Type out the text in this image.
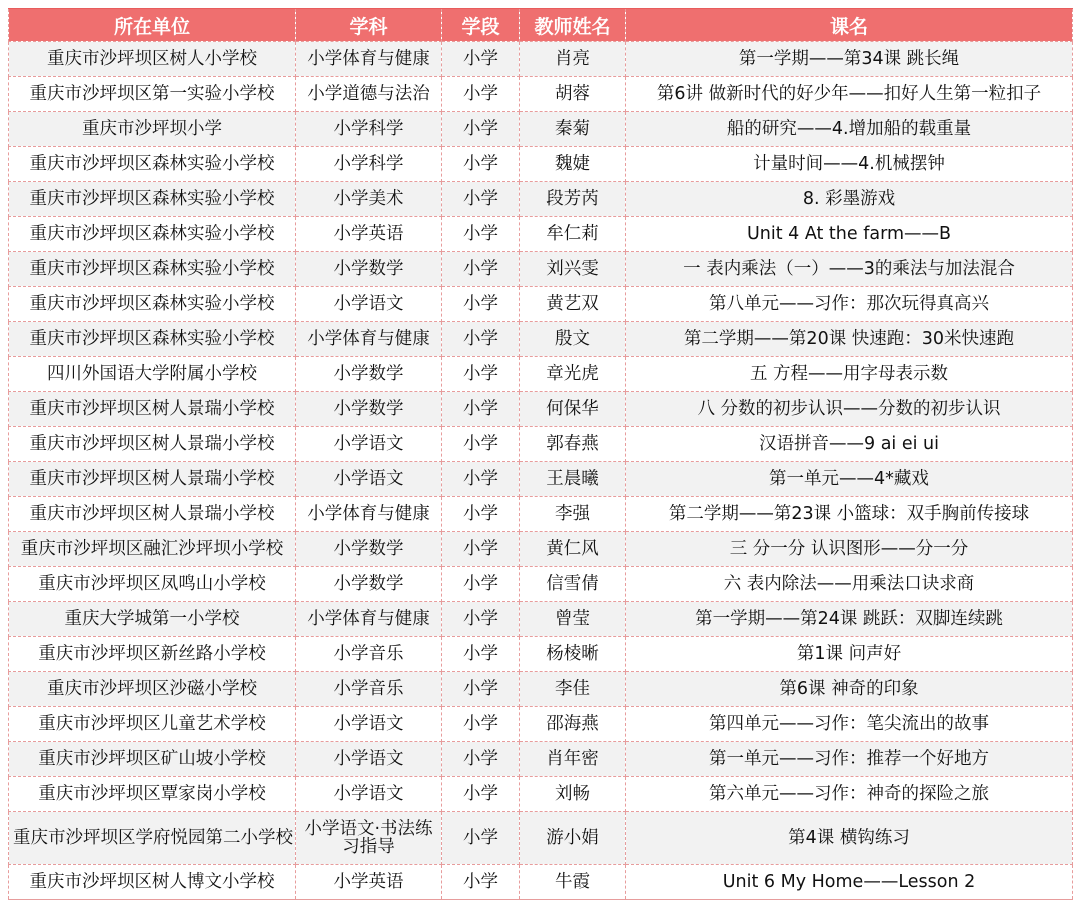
所在单位	学科	学段	教师姓名	课名
重庆市沙坪坝区树人小学校	小学体育与健康	小学	肖亮	第一学期——第34课 跳长绳
重庆市沙坪坝区第一实验小学校	小学道德与法治	小学	胡蓉	第6讲 做新时代的好少年——扣好人生第一粒扣子
重庆市沙坪坝小学	小学科学	小学	秦菊	船的研究——4.增加船的载重量
重庆市沙坪坝区森林实验小学校	小学科学	小学	魏婕	计量时间——4.机械摆钟
重庆市沙坪坝区森林实验小学校	小学美术	小学	段芳芮	8. 彩墨游戏
重庆市沙坪坝区森林实验小学校	小学英语	小学	牟仁莉	Unit 4 At the farm——B
重庆市沙坪坝区森林实验小学校	小学数学	小学	刘兴雯	一 表内乘法（一）——3的乘法与加法混合
重庆市沙坪坝区森林实验小学校	小学语文	小学	黄艺双	第八单元——习作：那次玩得真高兴
重庆市沙坪坝区森林实验小学校	小学体育与健康	小学	殷文	第二学期——第20课 快速跑：30米快速跑
四川外国语大学附属小学校	小学数学	小学	章光虎	五 方程——用字母表示数
重庆市沙坪坝区树人景瑞小学校	小学数学	小学	何保华	八 分数的初步认识——分数的初步认识
重庆市沙坪坝区树人景瑞小学校	小学语文	小学	郭春燕	汉语拼音——9 ai ei ui
重庆市沙坪坝区树人景瑞小学校	小学语文	小学	王晨曦	第一单元——4*藏戏
重庆市沙坪坝区树人景瑞小学校	小学体育与健康	小学	李强	第二学期——第23课 小篮球：双手胸前传接球
重庆市沙坪坝区融汇沙坪坝小学校	小学数学	小学	黄仁风	三 分一分 认识图形——分一分
重庆市沙坪坝区凤鸣山小学校	小学数学	小学	信雪倩	六 表内除法——用乘法口诀求商
重庆大学城第一小学校	小学体育与健康	小学	曾莹	第一学期——第24课 跳跃：双脚连续跳
重庆市沙坪坝区新丝路小学校	小学音乐	小学	杨棱晰	第1课 问声好
重庆市沙坪坝区沙磁小学校	小学音乐	小学	李佳	第6课 神奇的印象
重庆市沙坪坝区儿童艺术学校	小学语文	小学	邵海燕	第四单元——习作：笔尖流出的故事
重庆市沙坪坝区矿山坡小学校	小学语文	小学	肖年密	第一单元——习作：推荐一个好地方
重庆市沙坪坝区覃家岗小学校	小学语文	小学	刘畅	第六单元——习作：神奇的探险之旅
重庆市沙坪坝区学府悦园第二小学校	小学语文·书法练习指导	小学	游小娟	第4课 横钩练习
重庆市沙坪坝区树人博文小学校	小学英语	小学	牛霞	Unit 6 My Home——Lesson 2
